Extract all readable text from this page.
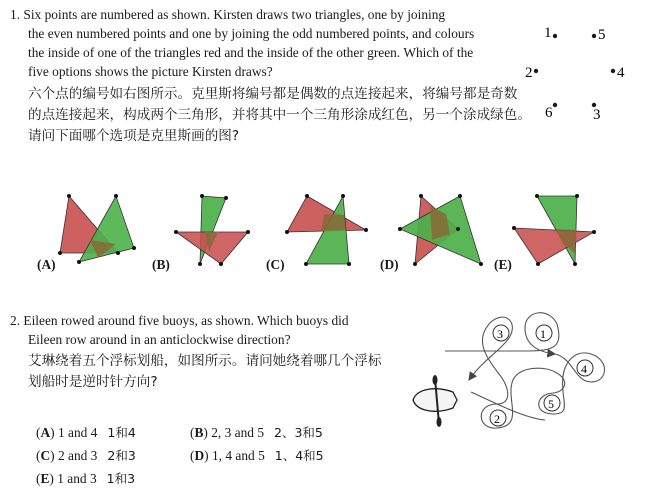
1. Six points are numbered as shown. Kirsten draws two triangles, one by joining
the even numbered points and one by joining the odd numbered points, and colours
the inside of one of the triangles red and the inside of the other green. Which of the
five options shows the picture Kirsten draws?
六个点的编号如右图所示。克里斯将编号都是偶数的点连接起来，将编号都是奇数
的点连接起来，构成两个三角形，并将其中一个三角形涂成红色，另一个涂成绿色。
请问下面哪个选项是克里斯画的图?
1	5
2	4
6	3
(A)	(B)	(C)	(D)	(E)
2. Eileen rowed around five buoys, as shown. Which buoys did
Eileen row around in an anticlockwise direction?
艾琳绕着五个浮标划船，如图所示。请问她绕着哪几个浮标
划船时是逆时针方向?
(A) 1 and 4 1和4	(B) 2, 3 and 5 2、3和5
(C) 2 and 3 2和3	(D) 1, 4 and 5 1、4和5
(E) 1 and 3 1和3
3	1
4
5
2
